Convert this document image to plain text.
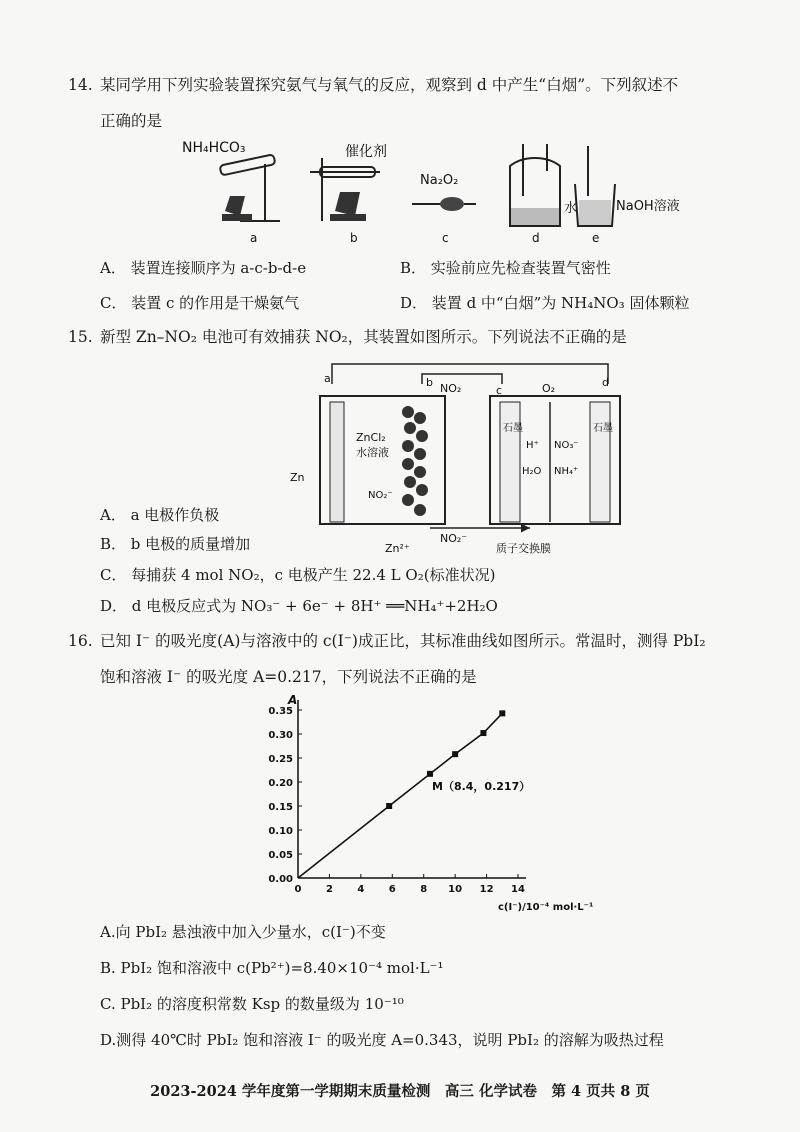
14. 某同学用下列实验装置探究氨气与氧气的反应，观察到 d 中产生“白烟”。下列叙述不
正确的是
NH₄HCO₃
a
催化剂
b
Na₂O₂
c
水
d
NaOH溶液
e
A． 装置连接顺序为 a-c-b-d-e	B． 实验前应先检查装置气密性
C． 装置 c 的作用是干燥氨气	D． 装置 d 中“白烟”为 NH₄NO₃ 固体颗粒
15. 新型 Zn–NO₂ 电池可有效捕获 NO₂，其装置如图所示。下列说法不正确的是
a	b
c
d
NO₂	O₂
Zn
ZnCl₂
水溶液
NO₂⁻
石墨	石墨
H⁺ NO₃⁻
H₂O NH₄⁺
NO₂⁻
Zn²⁺	质子交换膜
A． a 电极作负极
B． b 电极的质量增加
C． 每捕获 4 mol NO₂，c 电极产生 22.4 L O₂(标准状况)
D． d 电极反应式为 NO₃⁻ + 6e⁻ + 8H⁺ ══NH₄⁺+2H₂O
16. 已知 I⁻ 的吸光度(A)与溶液中的 c(I⁻)成正比，其标准曲线如图所示。常温时，测得 PbI₂
饱和溶液 I⁻ 的吸光度 A=0.217，下列说法不正确的是
A
c(I⁻)/10⁻⁴ mol·L⁻¹
0 2 4 6 8 10 12 14
0.00
0.05
0.10
0.15
0.20
0.25
0.30
0.35
M（8.4，0.217）
A.向 PbI₂ 悬浊液中加入少量水，c(I⁻)不变
B. PbI₂ 饱和溶液中 c(Pb²⁺)=8.40×10⁻⁴ mol·L⁻¹
C. PbI₂ 的溶度积常数 Ksp 的数量级为 10⁻¹⁰
D.测得 40℃时 PbI₂ 饱和溶液 I⁻ 的吸光度 A=0.343，说明 PbI₂ 的溶解为吸热过程
2023-2024 学年度第一学期期末质量检测　高三 化学试卷　第 4 页共 8 页
